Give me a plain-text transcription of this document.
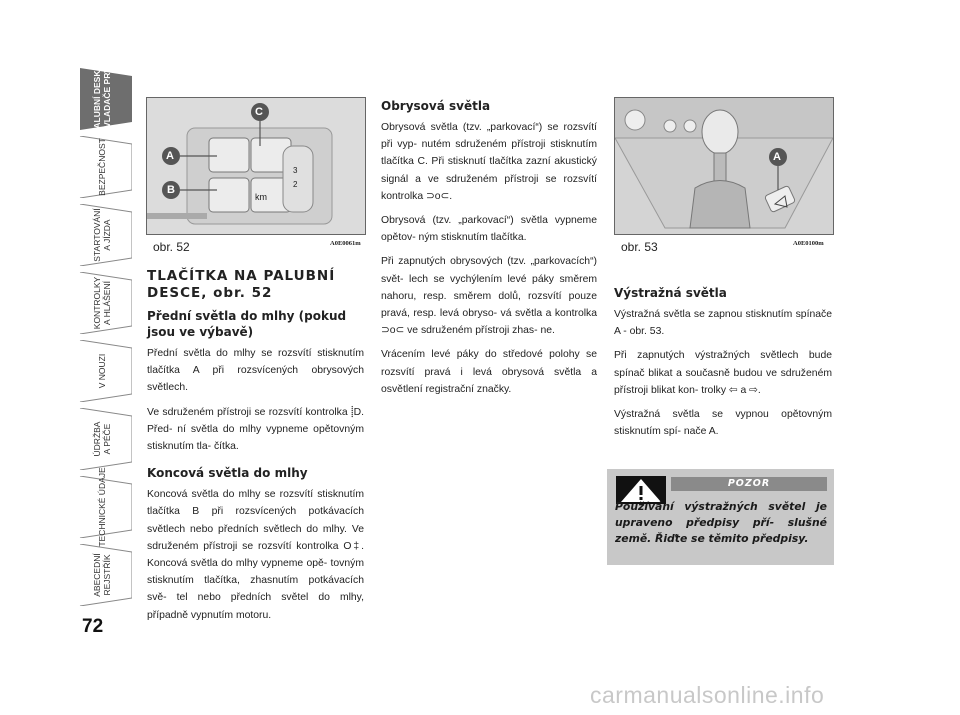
PALUBNÍ DESKA
A OVLADAČE PRVKY
BEZPEČNOST
STARTOVÁNÍ
A JÍZDA
KONTROLKY
A HLÁŠENÍ
V NOUZI
ÚDRŽBA
A PÉČE
TECHNICKÉ ÚDAJE
ABECEDNÍ
REJSTŘÍK
72
A
B
C
km
3
2
obr. 52	A0E0061m
A
obr. 53	A0E0100m
TLAČÍTKA NA PALUBNÍ DESCE, obr. 52
Přední světla do mlhy (pokud jsou ve výbavě)

Přední světla do mlhy se rozsvítí stisknutím tlačítka A při rozsvícených obrysových světlech.

Ve sdruženém přístroji se rozsvítí kontrolka ⸽D. Před- ní světla do mlhy vypneme opětovným stisknutím tla- čítka.

Koncová světla do mlhy

Koncová světla do mlhy se rozsvítí stisknutím tlačítka B při rozsvícených potkávacích světlech nebo předních světlech do mlhy. Ve sdruženém přístroji se rozsvítí kontrolka O‡. Koncová světla do mlhy vypneme opě- tovným stisknutím tlačítka, zhasnutím potkávacích svě- tel nebo předních světel do mlhy, případně vypnutím motoru.

Obrysová světla

Obrysová světla (tzv. „parkovací“) se rozsvítí při vyp- nutém sdruženém přístroji stisknutím tlačítka C. Při stisknutí tlačítka zazní akustický signál a ve sdruženém přístroji se rozsvítí kontrolka ⊃o⊂.

Obrysová (tzv. „parkovací“) světla vypneme opětov- ným stisknutím tlačítka.

Při zapnutých obrysových (tzv. „parkovacích“) svět- lech se vychýlením levé páky směrem nahoru, resp. směrem dolů, rozsvítí pouze pravá, resp. levá obryso- vá světla a kontrolka ⊃o⊂ ve sdruženém přístroji zhas- ne.

Vrácením levé páky do středové polohy se rozsvítí pravá i levá obrysová světla a osvětlení registrační značky.

Výstražná světla

Výstražná světla se zapnou stisknutím spínače A - obr. 53.

Při zapnutých výstražných světlech bude spínač blikat a současně budou ve sdruženém přístroji blikat kon- trolky ⇦ a ⇨.

Výstražná světla se vypnou opětovným stisknutím spí- nače A.

POZOR
Používání výstražných světel je upraveno předpisy pří- slušné země. Řiďte se těmito předpisy.
carmanualsonline.info
